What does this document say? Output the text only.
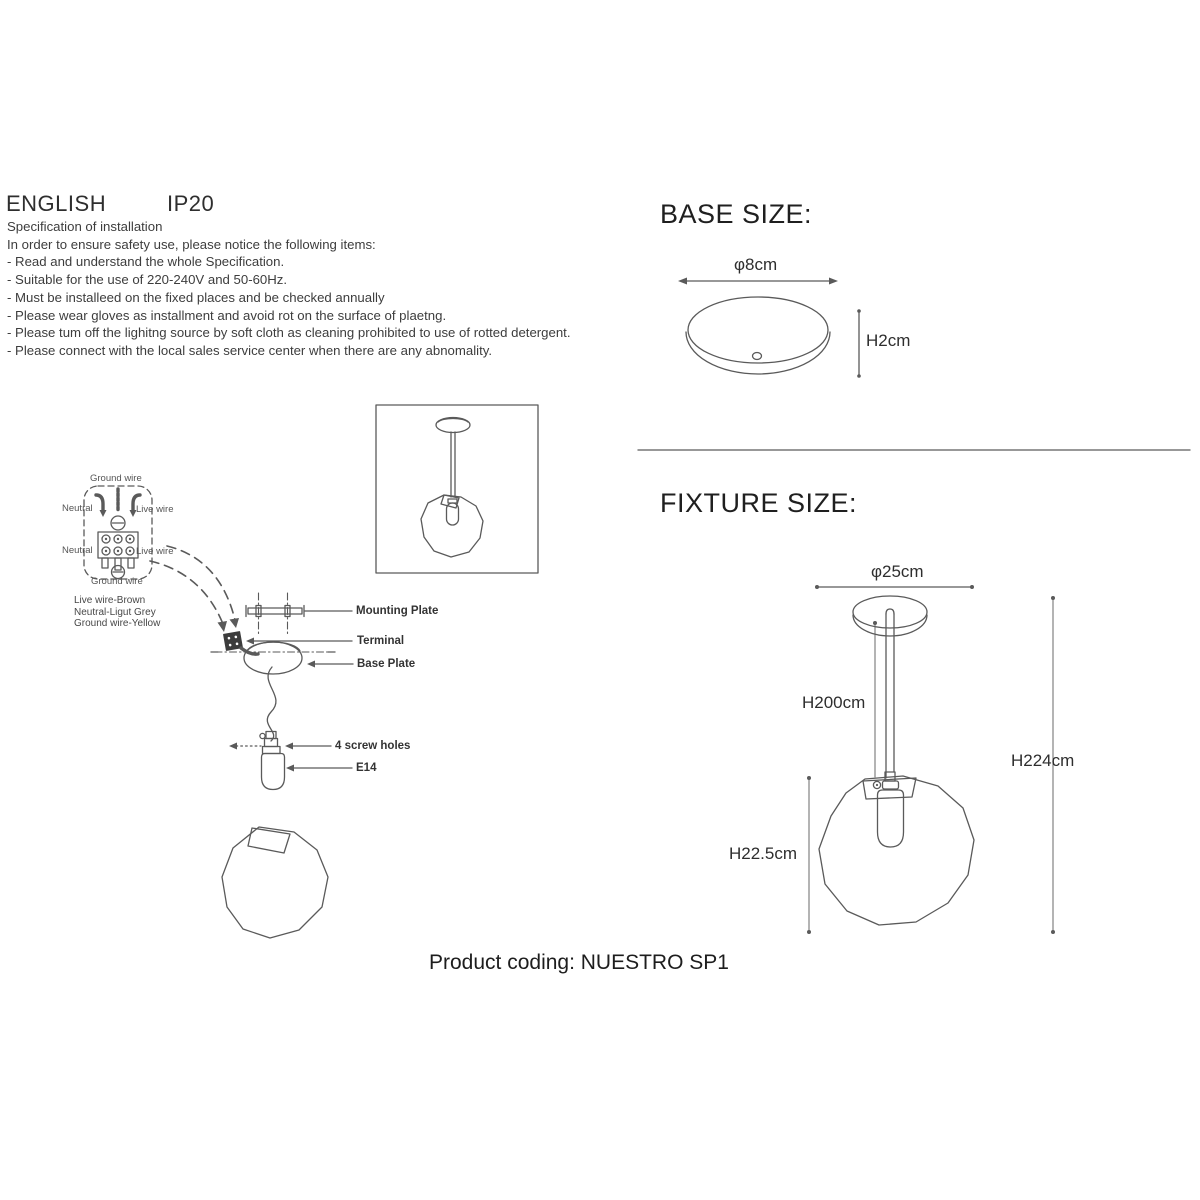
ENGLISH	IP20
Specification of installation
In order to ensure safety use, please notice the following items:
- Read and understand the whole Specification.
- Suitable for the use of 220-240V and 50-60Hz.
- Must be installeed on the fixed places and be checked annually
- Please wear gloves as installment and avoid rot on the surface of plaetng.
- Please tum off the lighitng source by soft cloth as cleaning prohibited to use of rotted detergent.
- Please connect with the local sales service center when there are any abnomality.
Ground wire
Neutral	Live wire
Neutral	Live wire
Ground wire
Live wire-Brown
Neutral-Ligut Grey
Ground wire-Yellow
Mounting Plate
Terminal
Base Plate
4 screw holes
E14
BASE SIZE:
φ8cm
H2cm
FIXTURE SIZE:
φ25cm
H200cm
H224cm
H22.5cm
Product coding: NUESTRO SP1
